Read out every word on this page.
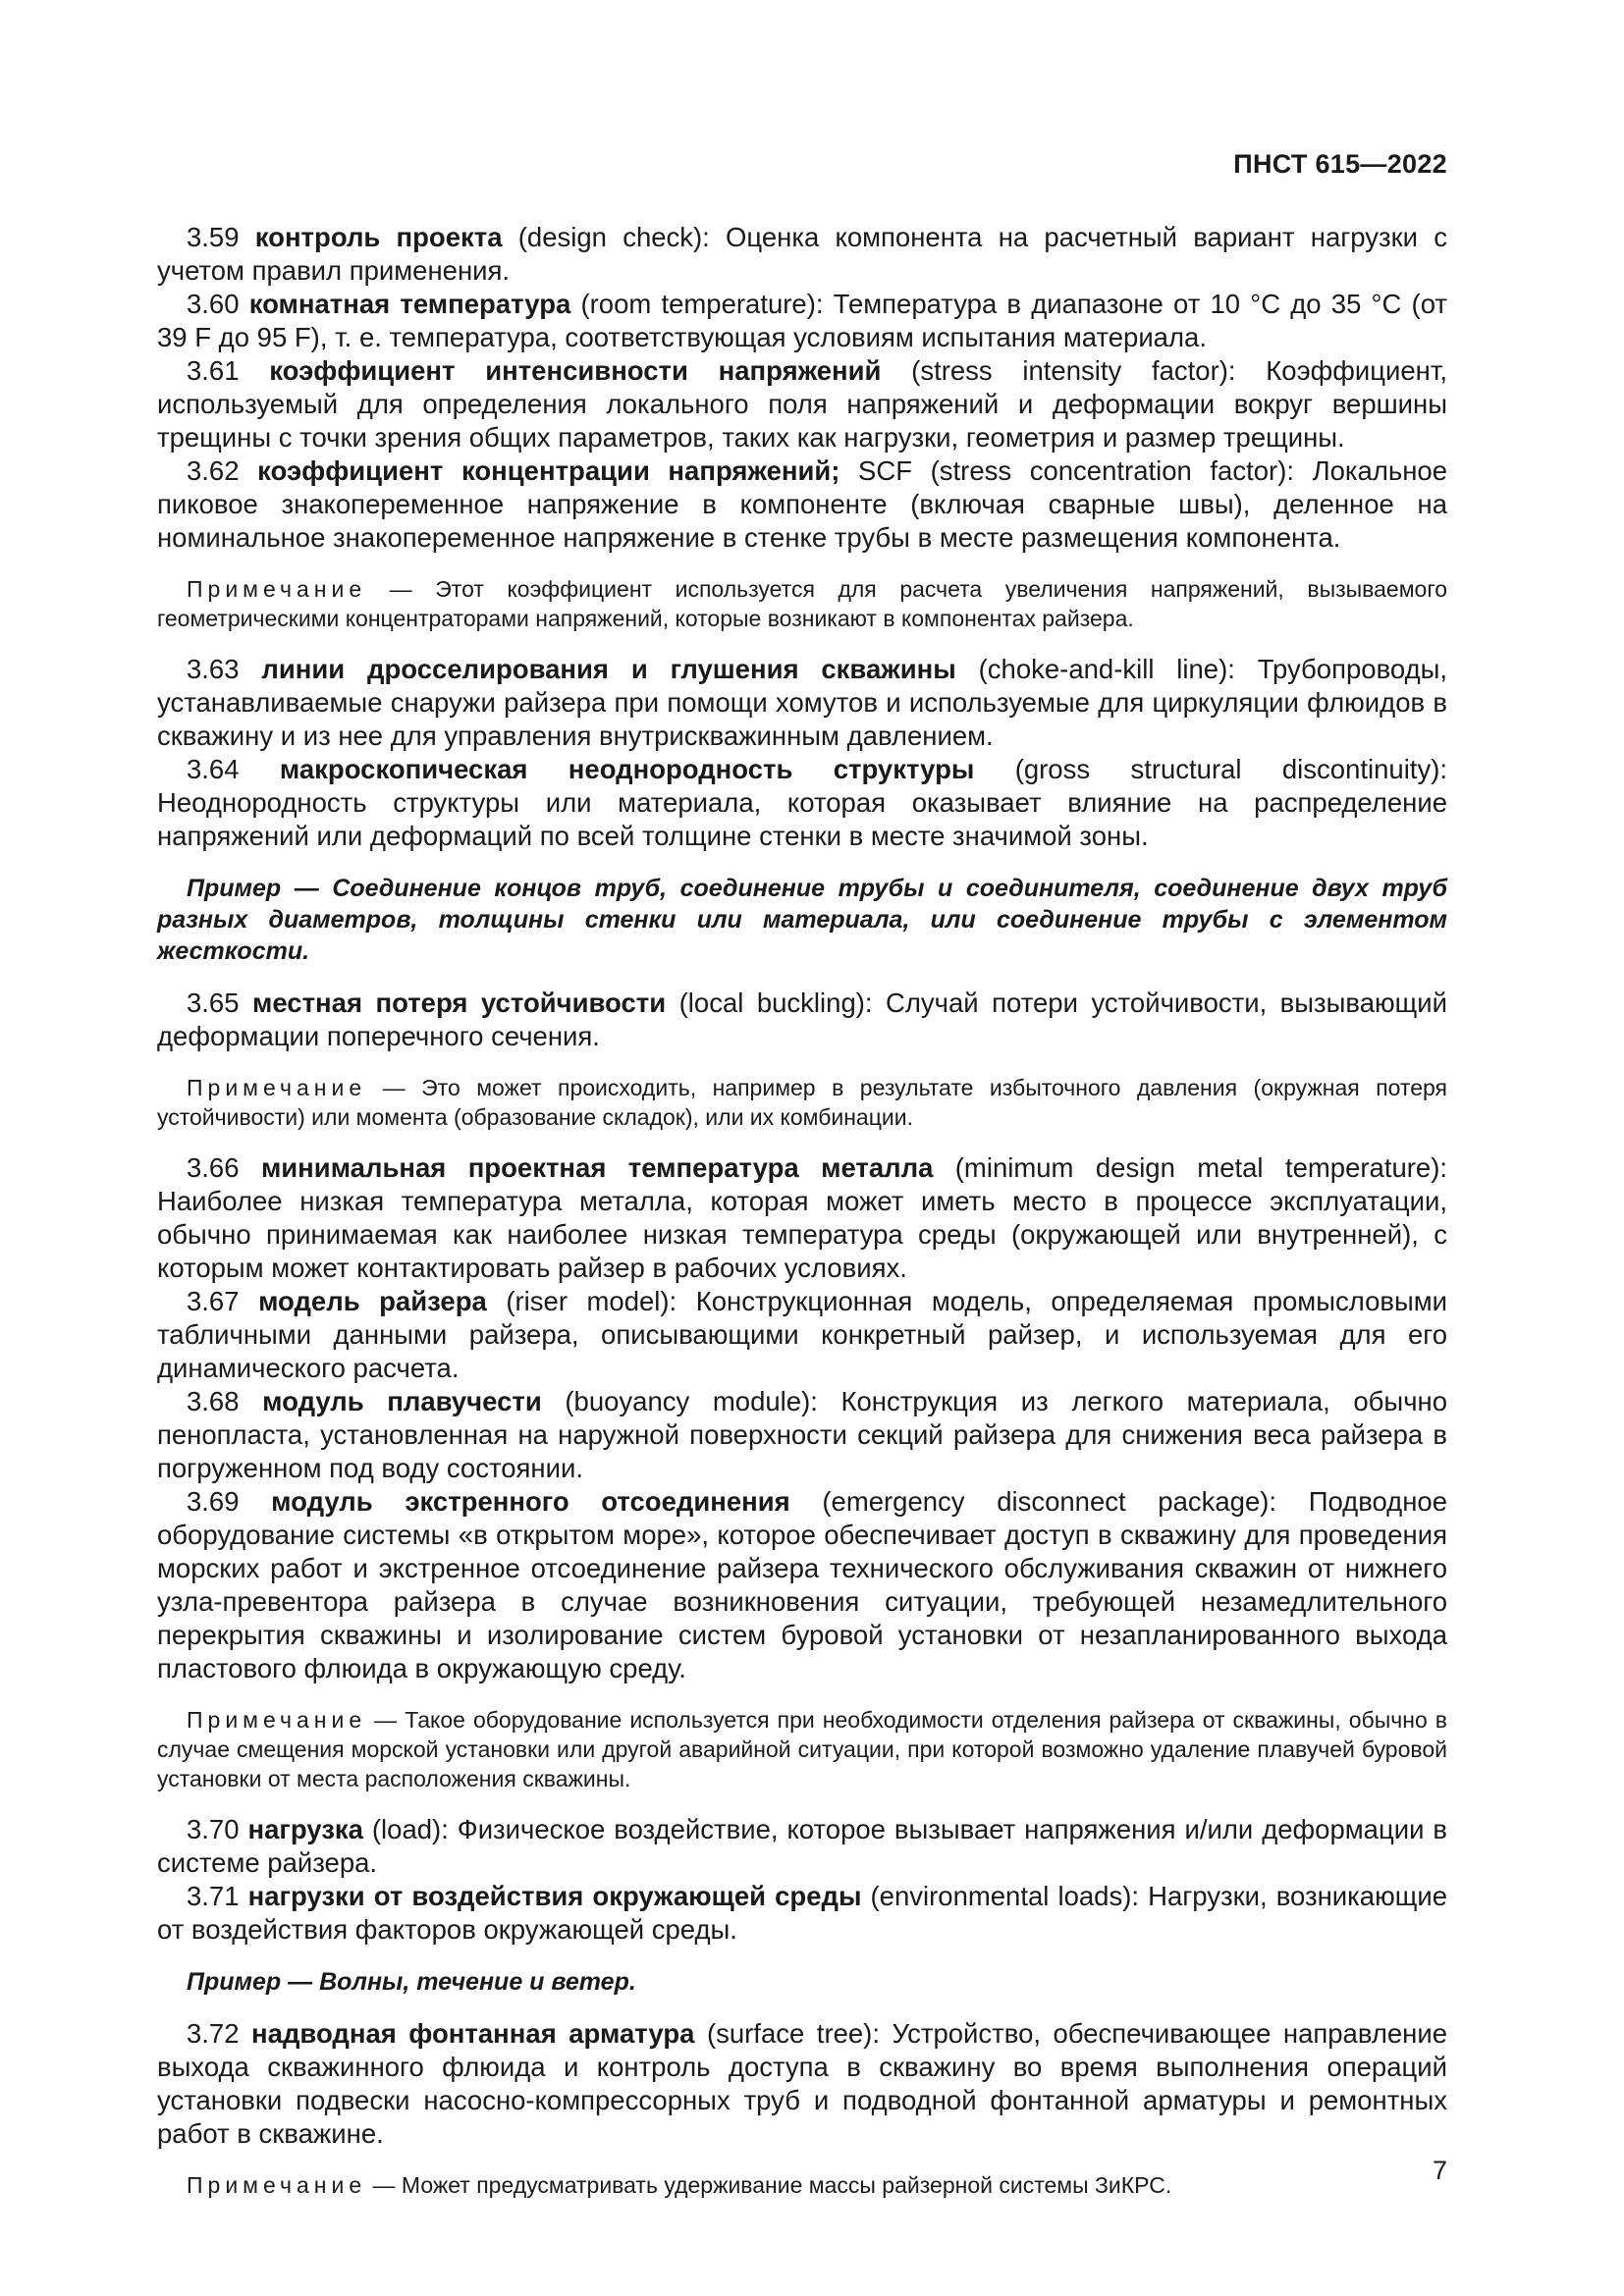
ПНСТ 615—2022

3.59 контроль проекта (design check): Оценка компонента на расчетный вариант нагрузки с учетом правил применения.

3.60 комнатная температура (room temperature): Температура в диапазоне от 10 °С до 35 °С (от 39 F до 95 F), т. е. температура, соответствующая условиям испытания материала.

3.61 коэффициент интенсивности напряжений (stress intensity factor): Коэффициент, используемый для определения локального поля напряжений и деформации вокруг вершины трещины с точки зрения общих параметров, таких как нагрузки, геометрия и размер трещины.

3.62 коэффициент концентрации напряжений; SCF (stress concentration factor): Локальное пиковое знакопеременное напряжение в компоненте (включая сварные швы), деленное на номинальное знакопеременное напряжение в стенке трубы в месте размещения компонента.

Примечание — Этот коэффициент используется для расчета увеличения напряжений, вызываемого геометрическими концентраторами напряжений, которые возникают в компонентах райзера.

3.63 линии дросселирования и глушения скважины (choke-and-kill line): Трубопроводы, устанавливаемые снаружи райзера при помощи хомутов и используемые для циркуляции флюидов в скважину и из нее для управления внутрискважинным давлением.

3.64 макроскопическая неоднородность структуры (gross structural discontinuity): Неоднородность структуры или материала, которая оказывает влияние на распределение напряжений или деформаций по всей толщине стенки в месте значимой зоны.

Пример — Соединение концов труб, соединение трубы и соединителя, соединение двух труб разных диаметров, толщины стенки или материала, или соединение трубы с элементом жесткости.

3.65 местная потеря устойчивости (local buckling): Случай потери устойчивости, вызывающий деформации поперечного сечения.

Примечание — Это может происходить, например в результате избыточного давления (окружная потеря устойчивости) или момента (образование складок), или их комбинации.

3.66 минимальная проектная температура металла (minimum design metal temperature): Наиболее низкая температура металла, которая может иметь место в процессе эксплуатации, обычно принимаемая как наиболее низкая температура среды (окружающей или внутренней), с которым может контактировать райзер в рабочих условиях.

3.67 модель райзера (riser model): Конструкционная модель, определяемая промысловыми табличными данными райзера, описывающими конкретный райзер, и используемая для его динамического расчета.

3.68 модуль плавучести (buoyancy module): Конструкция из легкого материала, обычно пенопласта, установленная на наружной поверхности секций райзера для снижения веса райзера в погруженном под воду состоянии.

3.69 модуль экстренного отсоединения (emergency disconnect package): Подводное оборудование системы «в открытом море», которое обеспечивает доступ в скважину для проведения морских работ и экстренное отсоединение райзера технического обслуживания скважин от нижнего узла-превентора райзера в случае возникновения ситуации, требующей незамедлительного перекрытия скважины и изолирование систем буровой установки от незапланированного выхода пластового флюида в окружающую среду.

Примечание — Такое оборудование используется при необходимости отделения райзера от скважины, обычно в случае смещения морской установки или другой аварийной ситуации, при которой возможно удаление плавучей буровой установки от места расположения скважины.

3.70 нагрузка (load): Физическое воздействие, которое вызывает напряжения и/или деформации в системе райзера.

3.71 нагрузки от воздействия окружающей среды (environmental loads): Нагрузки, возникающие от воздействия факторов окружающей среды.

Пример — Волны, течение и ветер.

3.72 надводная фонтанная арматура (surface tree): Устройство, обеспечивающее направление выхода скважинного флюида и контроль доступа в скважину во время выполнения операций установки подвески насосно-компрессорных труб и подводной фонтанной арматуры и ремонтных работ в скважине.

Примечание — Может предусматривать удерживание массы райзерной системы ЗиКРС.	7
